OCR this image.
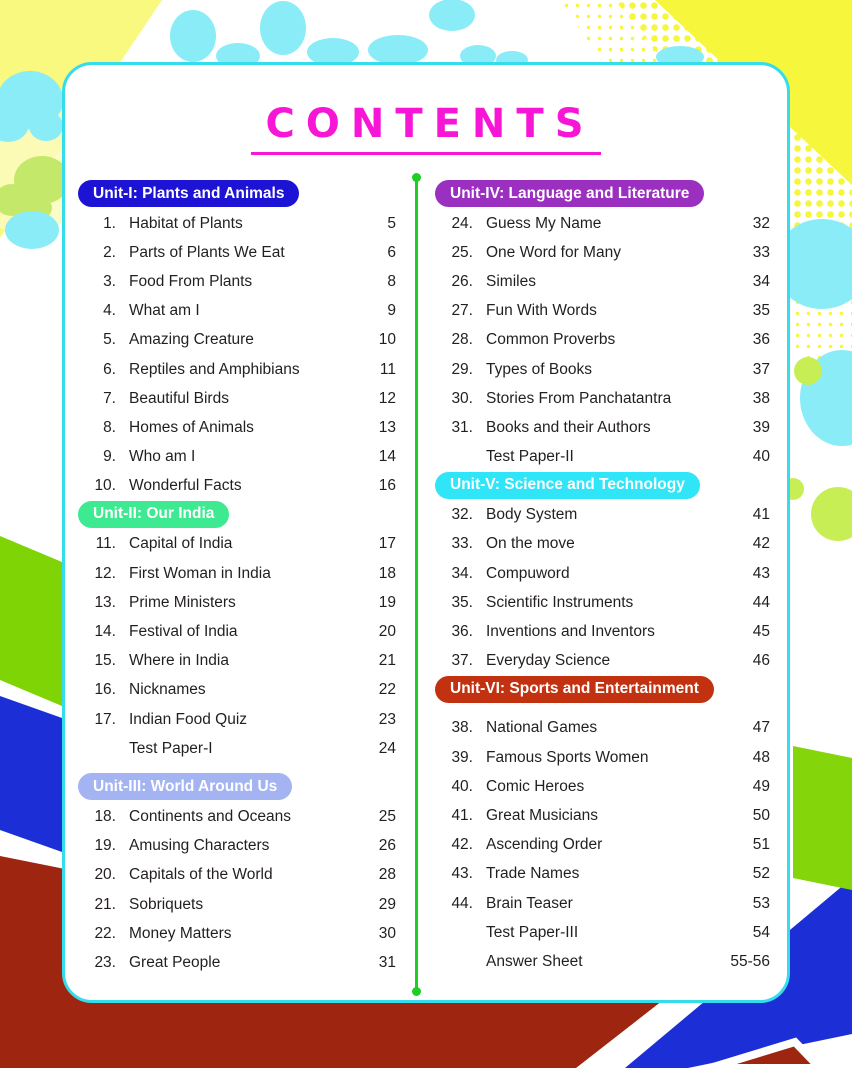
CONTENTS
Unit-I: Plants and Animals
1. Habitat of Plants	5
2. Parts of Plants We Eat	6
3. Food From Plants	8
4. What am I	9
5. Amazing Creature	10
6. Reptiles and Amphibians	11
7. Beautiful Birds	12
8. Homes of Animals	13
9. Who am I	14
10. Wonderful Facts	16
Unit-II: Our India
11. Capital of India	17
12. First Woman in India	18
13. Prime Ministers	19
14. Festival of India	20
15. Where in India	21
16. Nicknames	22
17. Indian Food Quiz	23
Test Paper-I	24
Unit-III: World Around Us
18. Continents and Oceans	25
19. Amusing Characters	26
20. Capitals of the World	28
21. Sobriquets	29
22. Money Matters	30
23. Great People	31
Unit-IV: Language and Literature
24. Guess My Name	32
25. One Word for Many	33
26. Similes	34
27. Fun With Words	35
28. Common Proverbs	36
29. Types of Books	37
30. Stories From Panchatantra	38
31. Books and their Authors	39
Test Paper-II	40
Unit-V: Science and Technology
32. Body System	41
33. On the move	42
34. Compuword	43
35. Scientific Instruments	44
36. Inventions and Inventors	45
37. Everyday Science	46
Unit-VI: Sports and Entertainment
38. National Games	47
39. Famous Sports Women	48
40. Comic Heroes	49
41. Great Musicians	50
42. Ascending Order	51
43. Trade Names	52
44. Brain Teaser	53
Test Paper-III	54
Answer Sheet	55-56
